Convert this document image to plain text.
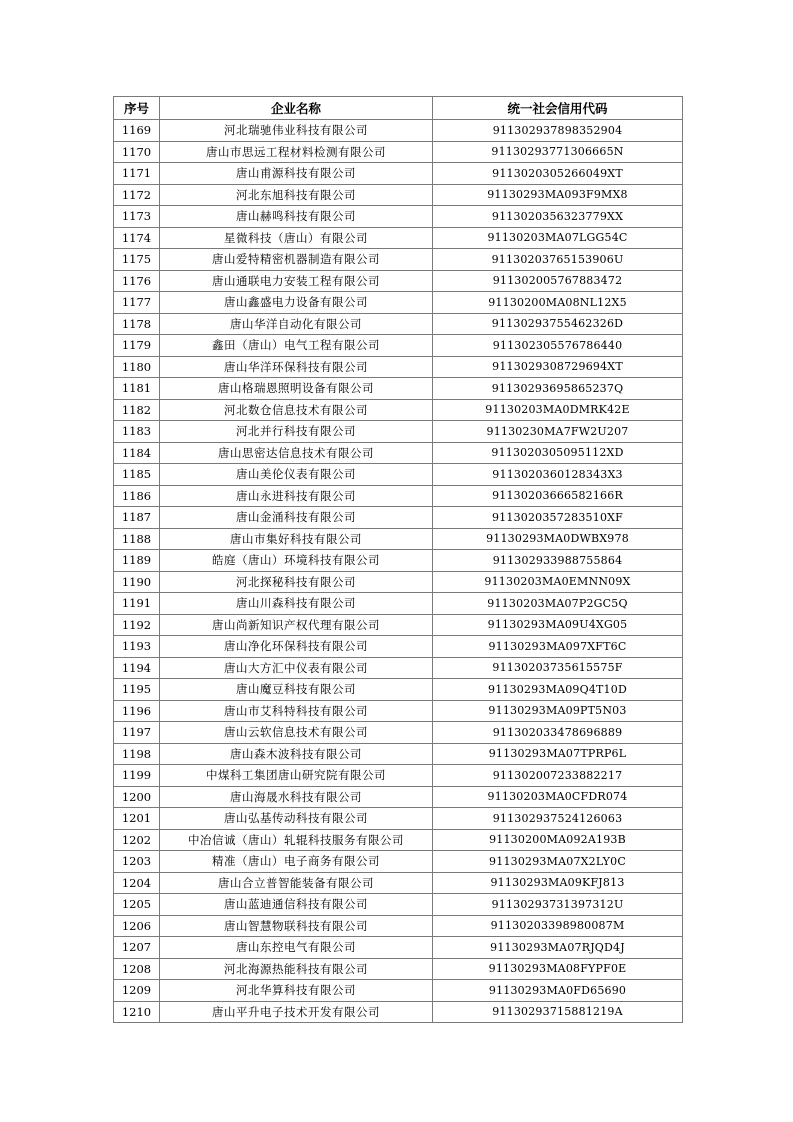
序号	企业名称	统一社会信用代码
1169	河北瑞驰伟业科技有限公司	911302937898352904
1170	唐山市思远工程材料检测有限公司	91130293771306665N
1171	唐山甫源科技有限公司	9113020305266049XT
1172	河北东旭科技有限公司	91130293MA093F9MX8
1173	唐山赫鸣科技有限公司	9113020356323779XX
1174	星微科技（唐山）有限公司	91130203MA07LGG54C
1175	唐山爱特精密机器制造有限公司	91130203765153906U
1176	唐山通联电力安装工程有限公司	911302005767883472
1177	唐山鑫盛电力设备有限公司	91130200MA08NL12X5
1178	唐山华洋自动化有限公司	91130293755462326D
1179	鑫田（唐山）电气工程有限公司	911302305576786440
1180	唐山华洋环保科技有限公司	9113029308729694XT
1181	唐山格瑞恩照明设备有限公司	91130293695865237Q
1182	河北数仓信息技术有限公司	91130203MA0DMRK42E
1183	河北并行科技有限公司	91130230MA7FW2U207
1184	唐山思密达信息技术有限公司	9113020305095112XD
1185	唐山美伦仪表有限公司	9113020360128343X3
1186	唐山永进科技有限公司	91130203666582166R
1187	唐山金涌科技有限公司	9113020357283510XF
1188	唐山市集好科技有限公司	91130293MA0DWBX978
1189	皓庭（唐山）环境科技有限公司	911302933988755864
1190	河北探秘科技有限公司	91130203MA0EMNN09X
1191	唐山川森科技有限公司	91130203MA07P2GC5Q
1192	唐山尚新知识产权代理有限公司	91130293MA09U4XG05
1193	唐山净化环保科技有限公司	91130293MA097XFT6C
1194	唐山大方汇中仪表有限公司	91130203735615575F
1195	唐山魔豆科技有限公司	91130293MA09Q4T10D
1196	唐山市艾科特科技有限公司	91130293MA09PT5N03
1197	唐山云软信息技术有限公司	911302033478696889
1198	唐山森木波科技有限公司	91130293MA07TPRP6L
1199	中煤科工集团唐山研究院有限公司	911302007233882217
1200	唐山海晟水科技有限公司	91130203MA0CFDR074
1201	唐山弘基传动科技有限公司	911302937524126063
1202	中冶信诚（唐山）轧辊科技服务有限公司	91130200MA092A193B
1203	精准（唐山）电子商务有限公司	91130293MA07X2LY0C
1204	唐山合立普智能装备有限公司	91130293MA09KFJ813
1205	唐山蓝迪通信科技有限公司	91130293731397312U
1206	唐山智慧物联科技有限公司	91130203398980087M
1207	唐山东控电气有限公司	91130293MA07RJQD4J
1208	河北海源热能科技有限公司	91130293MA08FYPF0E
1209	河北华算科技有限公司	91130293MA0FD65690
1210	唐山平升电子技术开发有限公司	91130293715881219A
